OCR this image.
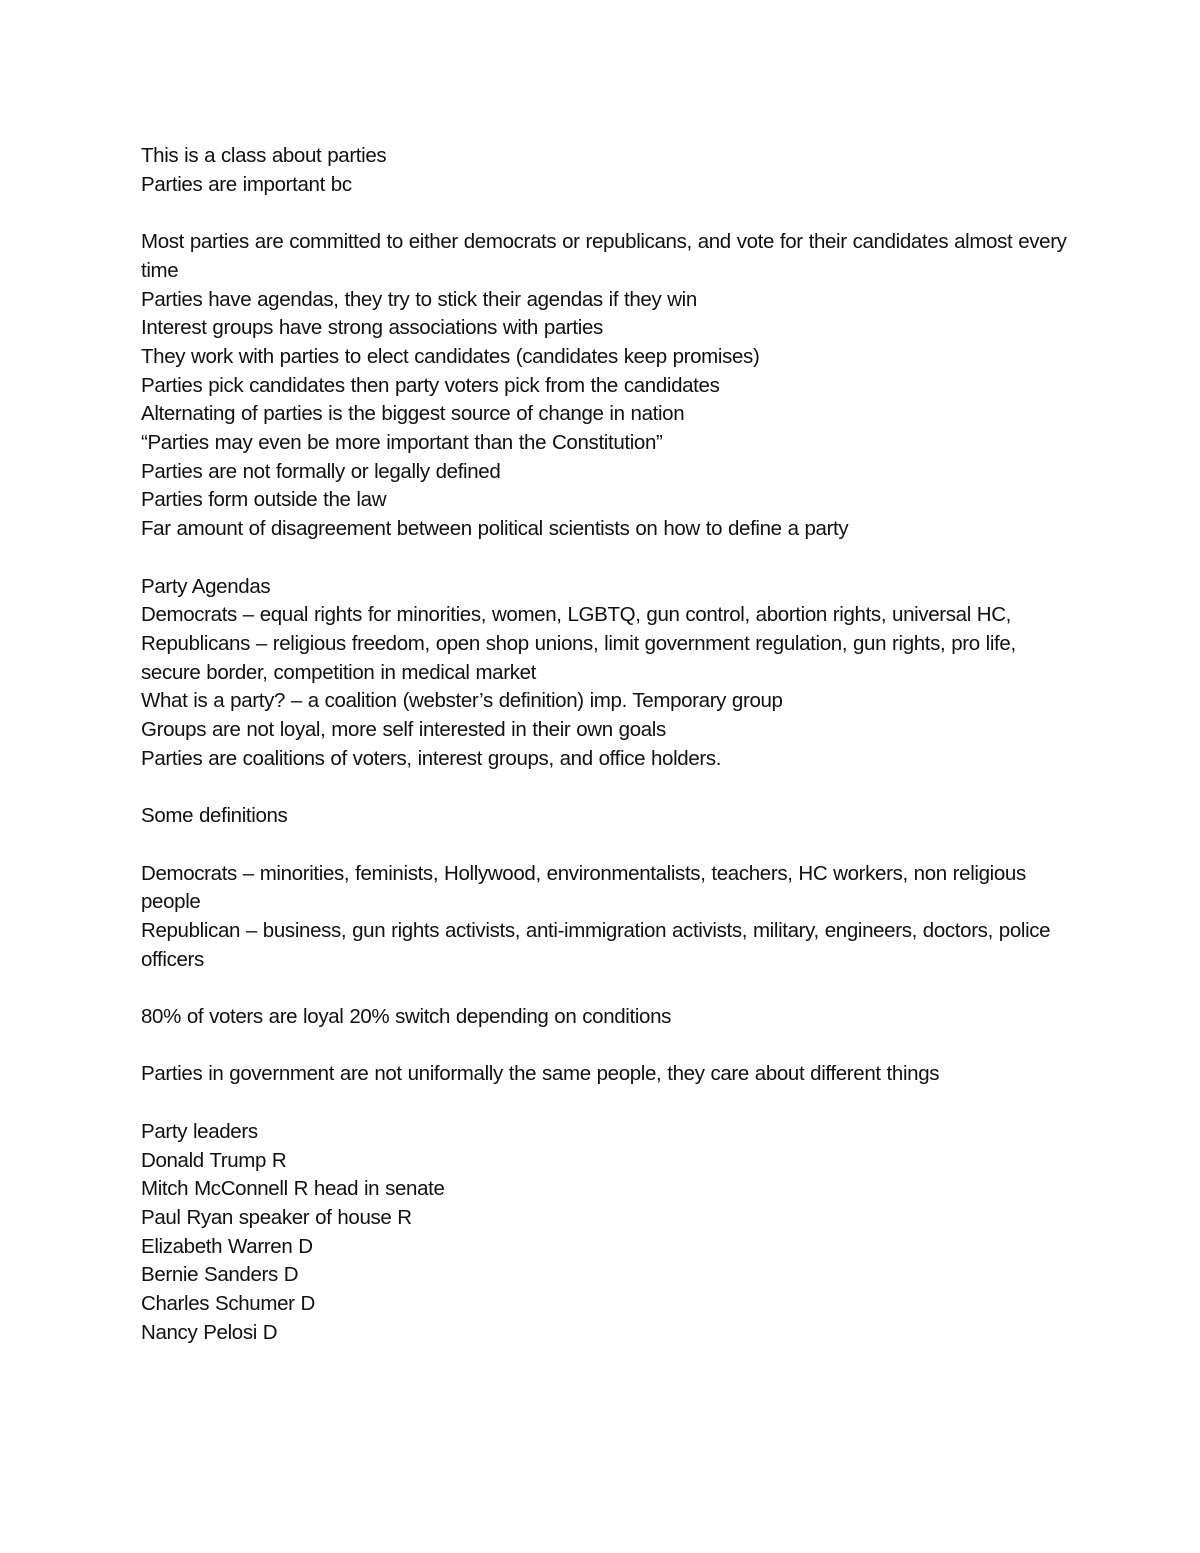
This is a class about parties
Parties are important bc
Most parties are committed to either democrats or republicans, and vote for their candidates almost every time
Parties have agendas, they try to stick their agendas if they win
Interest groups have strong associations with parties
They work with parties to elect candidates (candidates keep promises)
Parties pick candidates then party voters pick from the candidates
Alternating of parties is the biggest source of change in nation
“Parties may even be more important than the Constitution”
Parties are not formally or legally defined
Parties form outside the law
Far amount of disagreement between political scientists on how to define a party
Party Agendas
Democrats – equal rights for minorities, women, LGBTQ, gun control, abortion rights, universal HC,
Republicans – religious freedom, open shop unions, limit government regulation, gun rights, pro life, secure border, competition in medical market
What is a party? – a coalition (webster’s definition) imp. Temporary group
Groups are not loyal, more self interested in their own goals
Parties are coalitions of voters, interest groups, and office holders.
Some definitions
Democrats – minorities, feminists, Hollywood, environmentalists, teachers, HC workers, non religious people
Republican – business, gun rights activists, anti-immigration activists, military, engineers, doctors, police officers
80% of voters are loyal 20% switch depending on conditions
Parties in government are not uniformally the same people, they care about different things
Party leaders
Donald Trump R
Mitch McConnell R head in senate
Paul Ryan speaker of house R
Elizabeth Warren D
Bernie Sanders D
Charles Schumer D
Nancy Pelosi D
